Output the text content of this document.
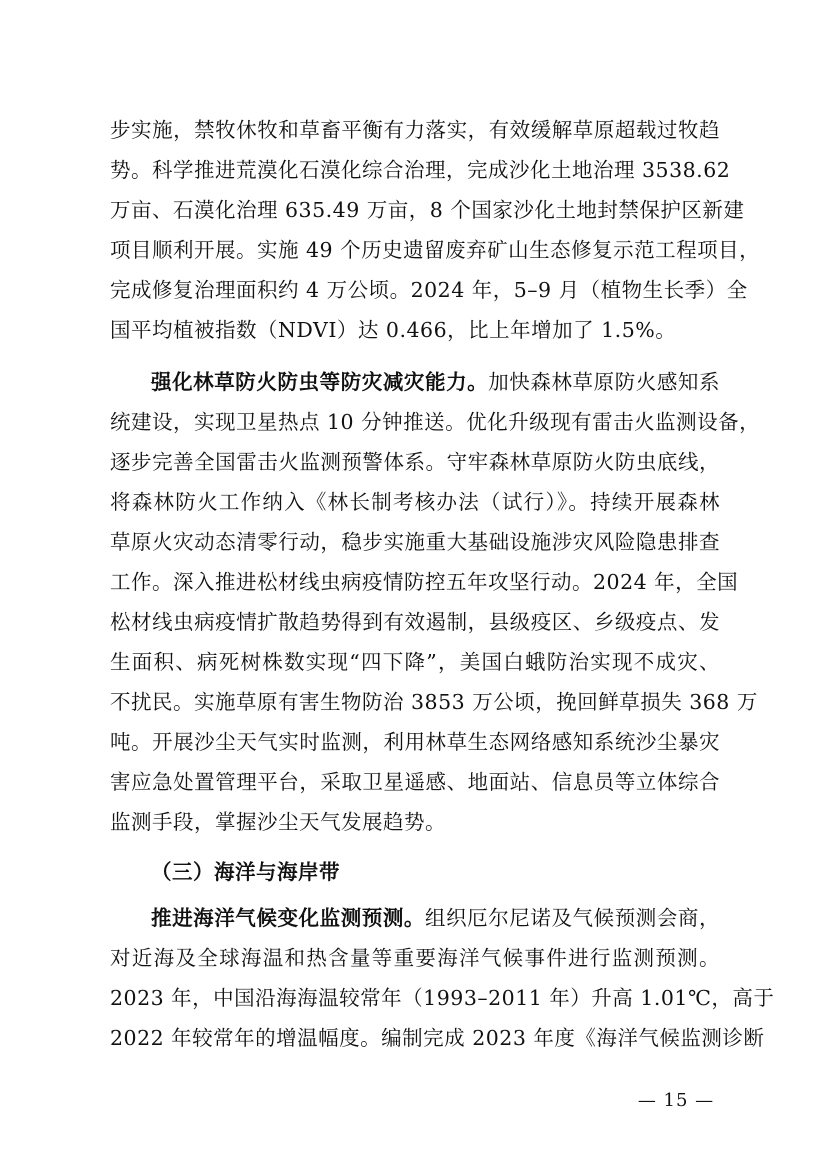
步实施，禁牧休牧和草畜平衡有力落实，有效缓解草原超载过牧趋
势。科学推进荒漠化石漠化综合治理，完成沙化土地治理 3538.62
万亩、石漠化治理 635.49 万亩，8 个国家沙化土地封禁保护区新建
项目顺利开展。实施 49 个历史遗留废弃矿山生态修复示范工程项目，
完成修复治理面积约 4 万公顷。2024 年，5–9 月（植物生长季）全
国平均植被指数（NDVI）达 0.466，比上年增加了 1.5%。
强化林草防火防虫等防灾减灾能力。加快森林草原防火感知系
统建设，实现卫星热点 10 分钟推送。优化升级现有雷击火监测设备，
逐步完善全国雷击火监测预警体系。守牢森林草原防火防虫底线，
将森林防火工作纳入《林长制考核办法（试行）》。持续开展森林
草原火灾动态清零行动，稳步实施重大基础设施涉灾风险隐患排查
工作。深入推进松材线虫病疫情防控五年攻坚行动。2024 年，全国
松材线虫病疫情扩散趋势得到有效遏制，县级疫区、乡级疫点、发
生面积、病死树株数实现“四下降”，美国白蛾防治实现不成灾、
不扰民。实施草原有害生物防治 3853 万公顷，挽回鲜草损失 368 万
吨。开展沙尘天气实时监测，利用林草生态网络感知系统沙尘暴灾
害应急处置管理平台，采取卫星遥感、地面站、信息员等立体综合
监测手段，掌握沙尘天气发展趋势。
（三）海洋与海岸带
推进海洋气候变化监测预测。组织厄尔尼诺及气候预测会商，
对近海及全球海温和热含量等重要海洋气候事件进行监测预测。
2023 年，中国沿海海温较常年（1993–2011 年）升高 1.01℃，高于
2022 年较常年的增温幅度。编制完成 2023 年度《海洋气候监测诊断
— 15 —
